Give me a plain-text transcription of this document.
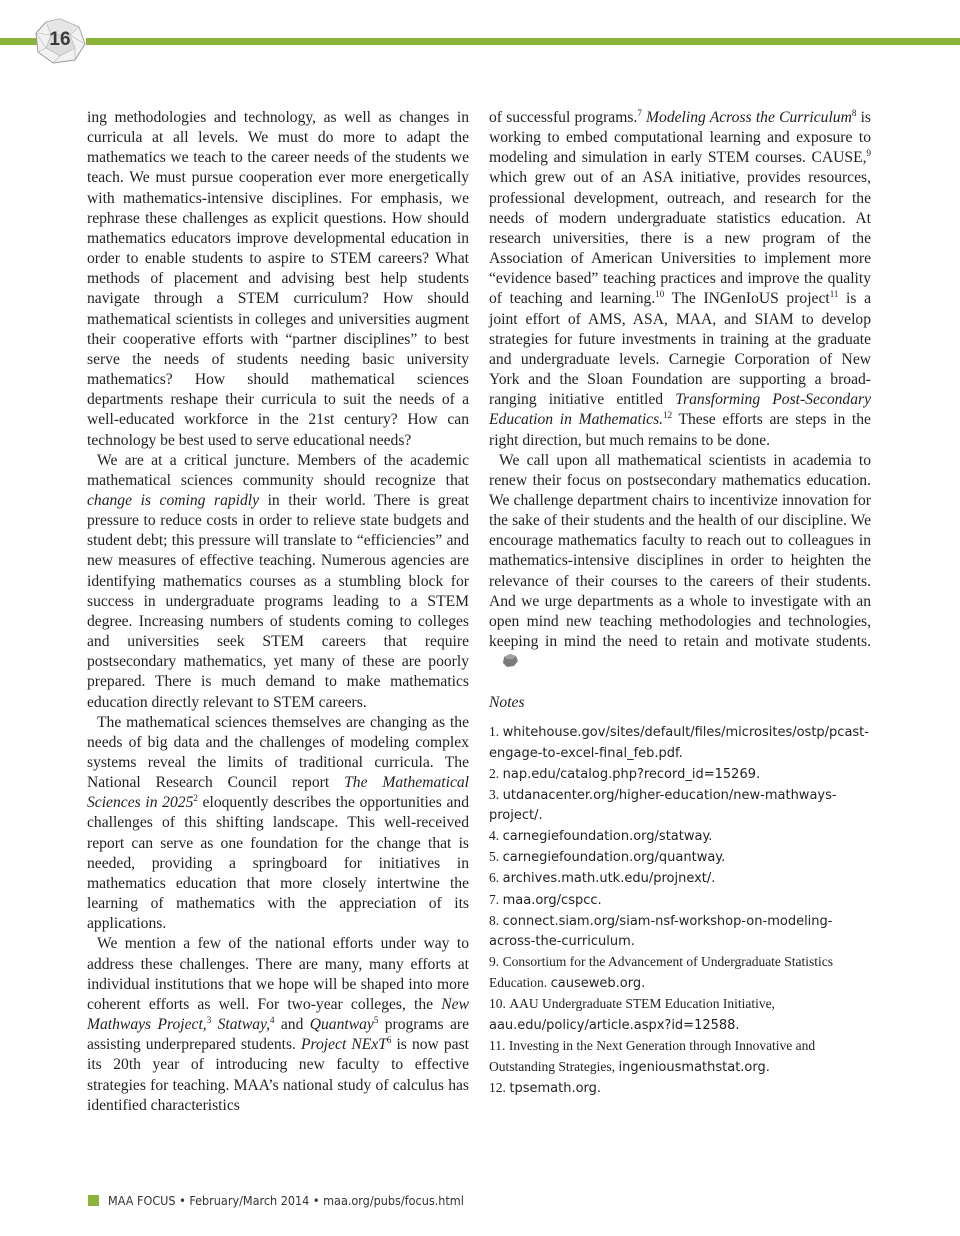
16

ing methodologies and technology, as well as changes in curricula at all levels. We must do more to adapt the mathematics we teach to the career needs of the students we teach. We must pursue cooperation ever more energetically with mathematics-intensive disciplines. For emphasis, we rephrase these challenges as explicit questions. How should mathematics educators improve developmental education in order to enable students to aspire to STEM careers? What methods of placement and advising best help students navigate through a STEM curriculum? How should mathematical scientists in colleges and universities augment their cooperative efforts with “partner disciplines” to best serve the needs of students needing basic university mathematics? How should mathematical sciences departments reshape their curricula to suit the needs of a well-educated workforce in the 21st century? How can technology be best used to serve educational needs?

We are at a critical juncture. Members of the academic mathematical sciences community should recognize that change is coming rapidly in their world. There is great pressure to reduce costs in order to relieve state budgets and student debt; this pressure will translate to “efficiencies” and new measures of effective teaching. Numerous agencies are identifying mathematics courses as a stumbling block for success in undergraduate programs leading to a STEM degree. Increasing numbers of students coming to colleges and universities seek STEM careers that require postsecondary mathematics, yet many of these are poorly prepared. There is much demand to make mathematics education directly relevant to STEM careers.

The mathematical sciences themselves are changing as the needs of big data and the challenges of modeling complex systems reveal the limits of traditional curricula. The National Research Council report The Mathematical Sciences in 2025$^2$ eloquently describes the opportunities and challenges of this shifting landscape. This well-received report can serve as one foundation for the change that is needed, providing a springboard for initiatives in mathematics education that more closely intertwine the learning of mathematics with the appreciation of its applications.

We mention a few of the national efforts under way to address these challenges. There are many, many efforts at individual institutions that we hope will be shaped into more coherent efforts as well. For two-year colleges, the New Mathways Project,$^3$ Statway,$^4$ and Quantway$^5$ programs are assisting underprepared students. Project NExT$^6$ is now past its 20th year of introducing new faculty to effective strategies for teaching. MAA’s national study of calculus has identified characteristics

of successful programs.$^7$ Modeling Across the Curriculum$^8$ is working to embed computational learning and exposure to modeling and simulation in early STEM courses. CAUSE,$^9$ which grew out of an ASA initiative, provides resources, professional development, outreach, and research for the needs of modern undergraduate statistics education. At research universities, there is a new program of the Association of American Universities to implement more “evidence based” teaching practices and improve the quality of teaching and learning.$^{10}$ The INGenIoUS project$^{11}$ is a joint effort of AMS, ASA, MAA, and SIAM to develop strategies for future investments in training at the graduate and undergraduate levels. Carnegie Corporation of New York and the Sloan Foundation are supporting a broad-ranging initiative entitled Transforming Post-Secondary Education in Mathematics.$^{12}$ These efforts are steps in the right direction, but much remains to be done.

We call upon all mathematical scientists in academia to renew their focus on postsecondary mathematics education. We challenge department chairs to incentivize innovation for the sake of their students and the health of our discipline. We encourage mathematics faculty to reach out to colleagues in mathematics-intensive disciplines in order to heighten the relevance of their courses to the careers of their students. And we urge departments as a whole to investigate with an open mind new teaching methodologies and technologies, keeping in mind the need to retain and motivate students.

Notes
1. whitehouse.gov/sites/default/files/microsites/ostp/pcast-engage-to-excel-final_feb.pdf.
2. nap.edu/catalog.php?record_id=15269.
3. utdanacenter.org/higher-education/new-mathways-project/.
4. carnegiefoundation.org/statway.
5. carnegiefoundation.org/quantway.
6. archives.math.utk.edu/projnext/.
7. maa.org/cspcc.
8. connect.siam.org/siam-nsf-workshop-on-modeling-across-the-curriculum.
9. Consortium for the Advancement of Undergraduate Statistics Education. causeweb.org.
10. AAU Undergraduate STEM Education Initiative, aau.edu/policy/article.aspx?id=12588.
11. Investing in the Next Generation through Innovative and Outstanding Strategies, ingeniousmathstat.org.
12. tpsemath.org.
MAA FOCUS • February/March 2014 • maa.org/pubs/focus.html
